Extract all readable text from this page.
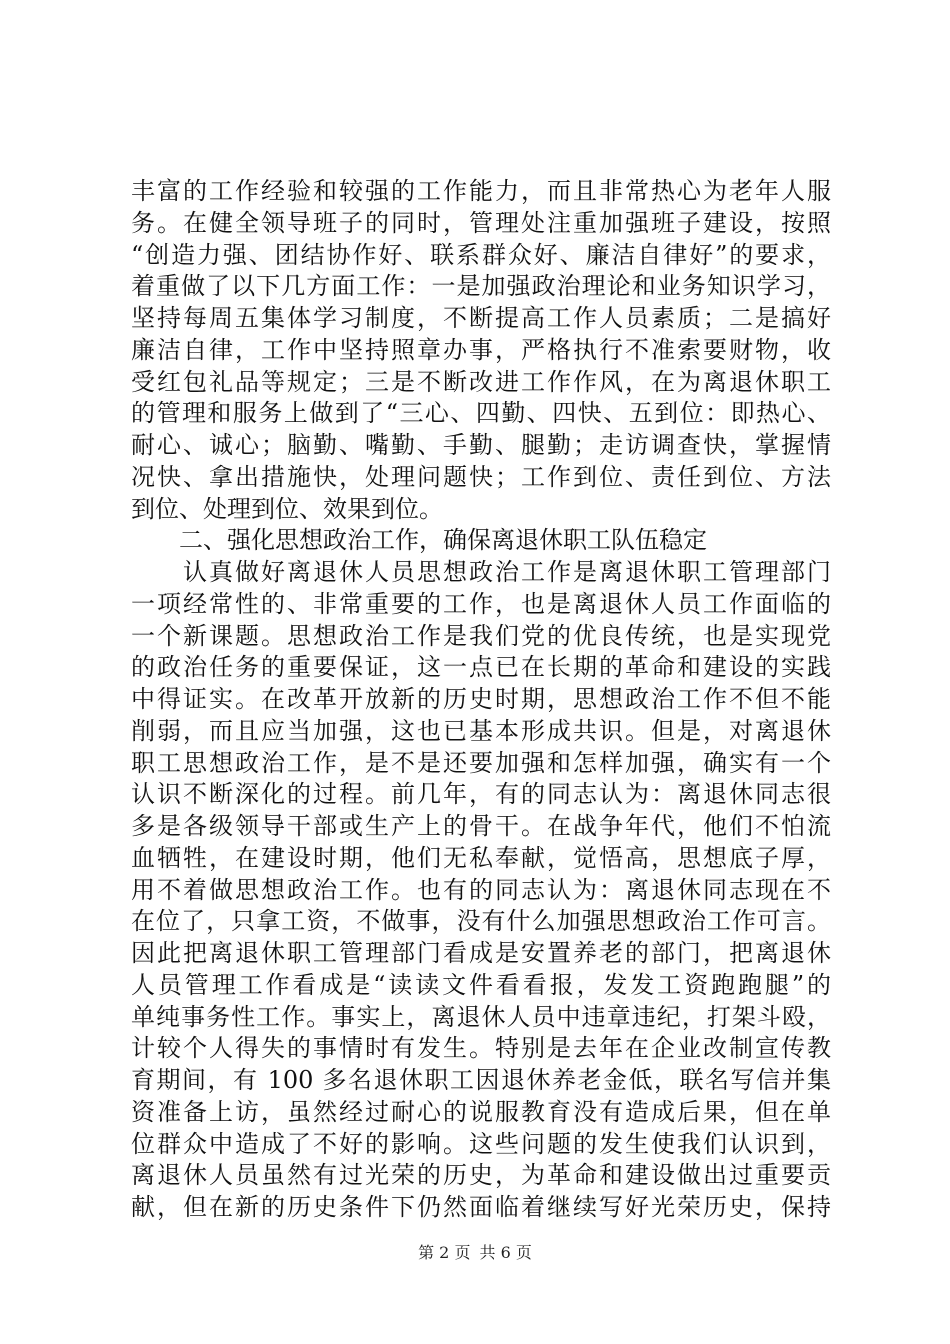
丰富的工作经验和较强的工作能力，而且非常热心为老年人服
务。在健全领导班子的同时，管理处注重加强班子建设，按照
“创造力强、团结协作好、联系群众好、廉洁自律好”的要求，
着重做了以下几方面工作：一是加强政治理论和业务知识学习，
坚持每周五集体学习制度，不断提高工作人员素质；二是搞好
廉洁自律，工作中坚持照章办事，严格执行不准索要财物，收
受红包礼品等规定；三是不断改进工作作风，在为离退休职工
的管理和服务上做到了“三心、四勤、四快、五到位：即热心、
耐心、诚心；脑勤、嘴勤、手勤、腿勤；走访调查快，掌握情
况快、拿出措施快，处理问题快；工作到位、责任到位、方法
到位、处理到位、效果到位。
　　二、强化思想政治工作，确保离退休职工队伍稳定
　　认真做好离退休人员思想政治工作是离退休职工管理部门
一项经常性的、非常重要的工作，也是离退休人员工作面临的
一个新课题。思想政治工作是我们党的优良传统，也是实现党
的政治任务的重要保证，这一点已在长期的革命和建设的实践
中得证实。在改革开放新的历史时期，思想政治工作不但不能
削弱，而且应当加强，这也已基本形成共识。但是，对离退休
职工思想政治工作，是不是还要加强和怎样加强，确实有一个
认识不断深化的过程。前几年，有的同志认为：离退休同志很
多是各级领导干部或生产上的骨干。在战争年代，他们不怕流
血牺牲，在建设时期，他们无私奉献，觉悟高，思想底子厚，
用不着做思想政治工作。也有的同志认为：离退休同志现在不
在位了，只拿工资，不做事，没有什么加强思想政治工作可言。
因此把离退休职工管理部门看成是安置养老的部门，把离退休
人员管理工作看成是“读读文件看看报，发发工资跑跑腿”的
单纯事务性工作。事实上，离退休人员中违章违纪，打架斗殴，
计较个人得失的事情时有发生。特别是去年在企业改制宣传教
育期间，有 100 多名退休职工因退休养老金低，联名写信并集
资准备上访，虽然经过耐心的说服教育没有造成后果，但在单
位群众中造成了不好的影响。这些问题的发生使我们认识到，
离退休人员虽然有过光荣的历史，为革命和建设做出过重要贡
献，但在新的历史条件下仍然面临着继续写好光荣历史，保持
第 2 页 共 6 页
